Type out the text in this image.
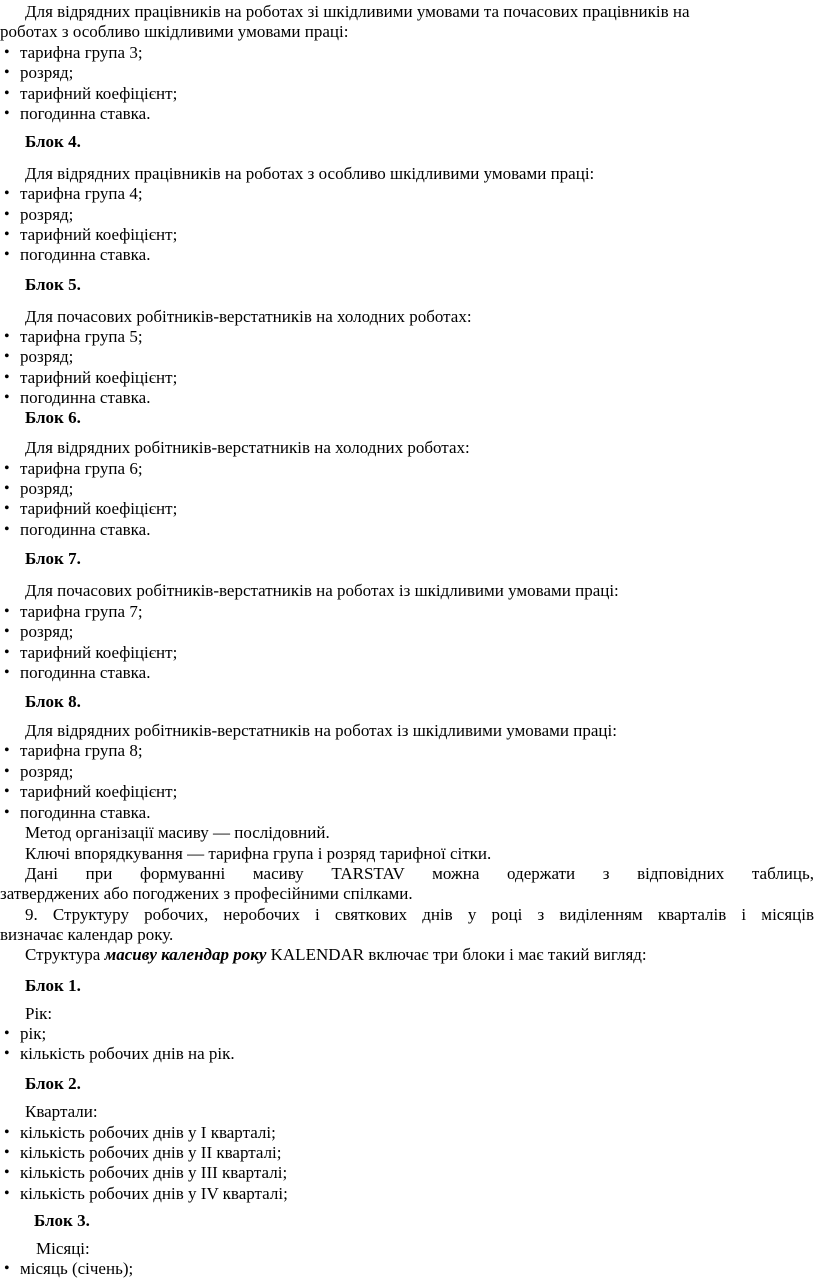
Для відрядних працівників на роботах зі шкідливими умовами та почасових працівників на
роботах з особливо шкідливими умовами праці:
• тарифна група 3;
• розряд;
• тарифний коефіцієнт;
• погодинна ставка.
Блок 4.
Для відрядних працівників на роботах з особливо шкідливими умовами праці:
• тарифна група 4;
• розряд;
• тарифний коефіцієнт;
• погодинна ставка.
Блок 5.
Для почасових робітників-верстатників на холодних роботах:
• тарифна група 5;
• розряд;
• тарифний коефіцієнт;
• погодинна ставка.
Блок 6.
Для відрядних робітників-верстатників на холодних роботах:
• тарифна група 6;
• розряд;
• тарифний коефіцієнт;
• погодинна ставка.
Блок 7.
Для почасових робітників-верстатників на роботах із шкідливими умовами праці:
• тарифна група 7;
• розряд;
• тарифний коефіцієнт;
• погодинна ставка.
Блок 8.
Для відрядних робітників-верстатників на роботах із шкідливими умовами праці:
• тарифна група 8;
• розряд;
• тарифний коефіцієнт;
• погодинна ставка.
Метод організації масиву — послідовний.
Ключі впорядкування — тарифна група і розряд тарифної сітки.
Дані при формуванні масиву TARSTAV можна одержати з відповідних таблиць,
затверджених або погоджених з професійними спілками.
9. Структуру робочих, неробочих і святкових днів у році з виділенням кварталів і місяців
визначає календар року.
Структура масиву календар року KALENDAR включає три блоки і має такий вигляд:
Блок 1.
Рік:
• рік;
• кількість робочих днів на рік.
Блок 2.
Квартали:
• кількість робочих днів у I кварталі;
• кількість робочих днів у II кварталі;
• кількість робочих днів у III кварталі;
• кількість робочих днів у IV кварталі;
Блок 3.
Місяці:
• місяць (січень);
